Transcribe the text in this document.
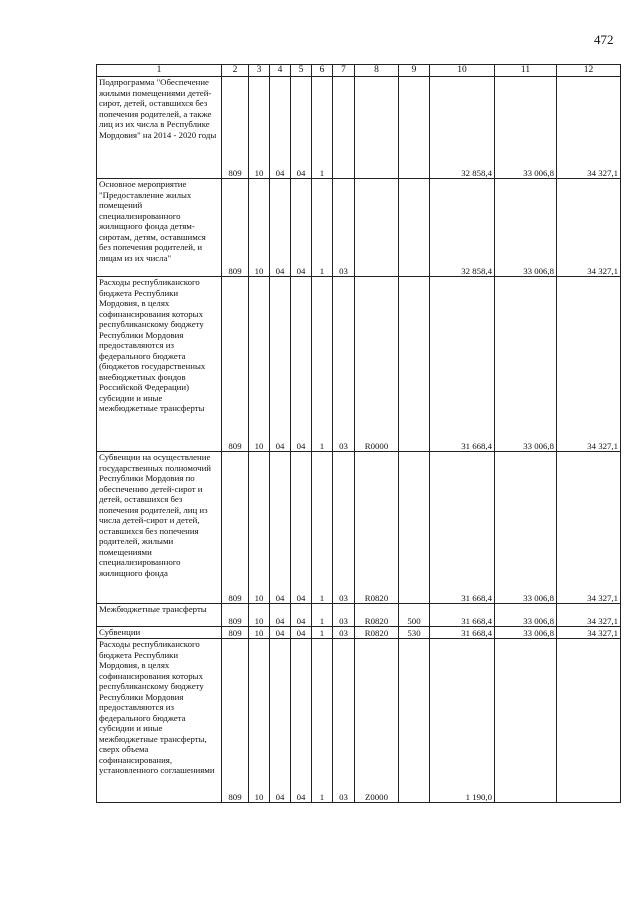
472
1	2	3	4	5	6	7	8	9	10	11	12
Подпрограмма "Обеспечение жилыми помещениями детей-сирот, детей, оставшихся без попечения родителей, а также лиц из их числа в Республике Мордовия" на 2014 - 2020 годы	809	10	04	04	1				32 858,4	33 006,8	34 327,1
Основное мероприятие "Предоставление жилых помещений специализированного жилищного фонда детям-сиротам, детям, оставшимся без попечения родителей, и лицам из их числа"	809	10	04	04	1	03			32 858,4	33 006,8	34 327,1
Расходы республиканского бюджета Республики Мордовия, в целях софинансирования которых республиканскому бюджету Республики Мордовия предоставляются из федерального бюджета (бюджетов государственных внебюджетных фондов Российской Федерации) субсидии и иные межбюджетные трансферты	809	10	04	04	1	03	R0000		31 668,4	33 006,8	34 327,1
Субвенции на осуществление государственных полномочий Республики Мордовия по обеспечению детей-сирот и детей, оставшихся без попечения родителей, лиц из числа детей-сирот и детей, оставшихся без попечения родителей, жилыми помещениями специализированного жилищного фонда	809	10	04	04	1	03	R0820		31 668,4	33 006,8	34 327,1
Межбюджетные трансферты	809	10	04	04	1	03	R0820	500	31 668,4	33 006,8	34 327,1
Субвенции	809	10	04	04	1	03	R0820	530	31 668,4	33 006,8	34 327,1
Расходы республиканского бюджета Республики Мордовия, в целях софинансирования которых республиканскому бюджету Республики Мордовия предоставляются из федерального бюджета субсидии и иные межбюджетные трансферты, сверх объема софинансирования, установленного соглашениями	809	10	04	04	1	03	Z0000		1 190,0		
